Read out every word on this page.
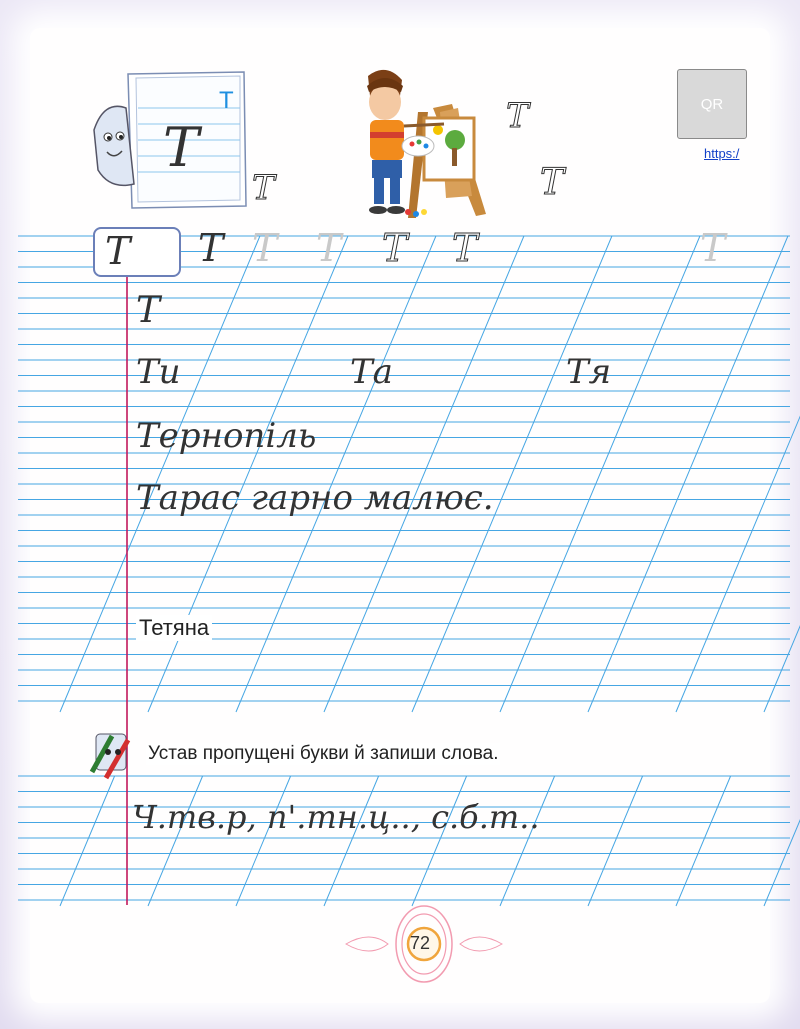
Т
Т
Т
Т
Т
QR
https:/
Т Т Т Т Т Т	Т
Т
Ти	Та	Тя
Тернопіль
Тарас гарно малює.
Тетяна
Устав пропущені букви й запиши слова.
Ч.тв.р, п'.тн.ц.., с.б.т..
72
